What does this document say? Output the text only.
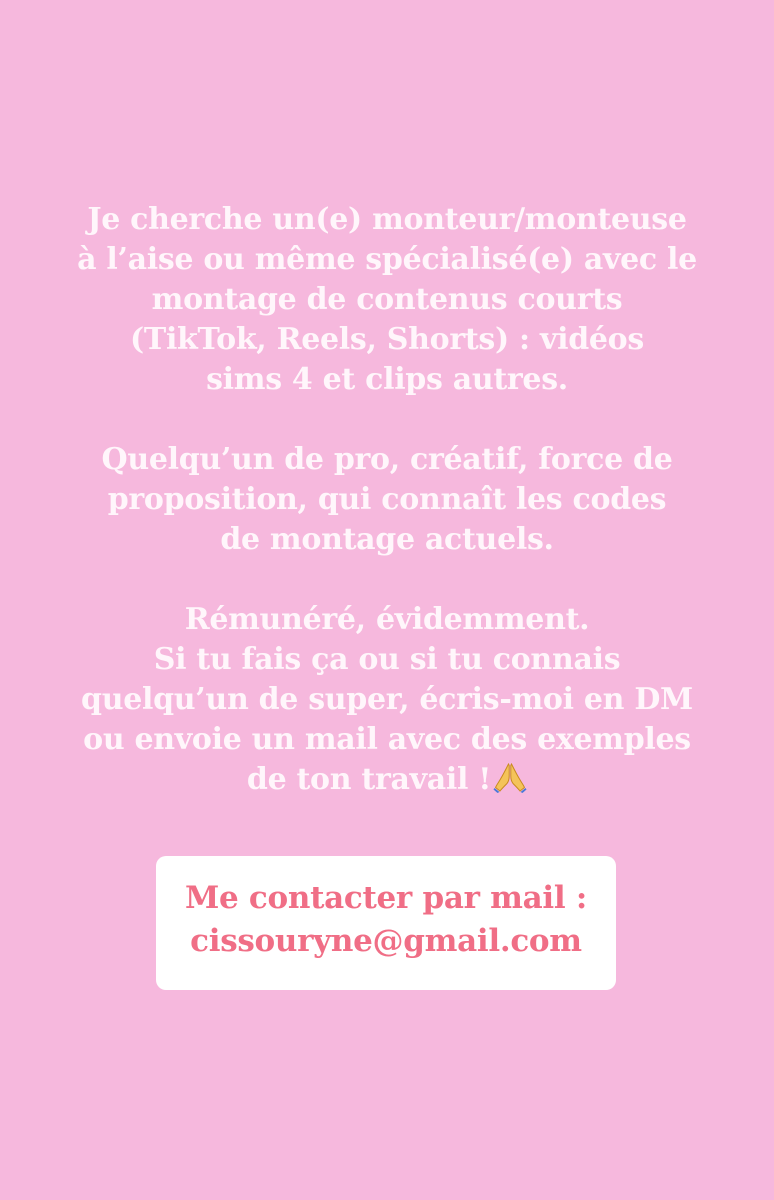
Je cherche un(e) monteur/monteuse
à l’aise ou même spécialisé(e) avec le
montage de contenus courts
(TikTok, Reels, Shorts) : vidéos
sims 4 et clips autres.

Quelqu’un de pro, créatif, force de
proposition, qui connaît les codes
de montage actuels.

Rémunéré, évidemment.
Si tu fais ça ou si tu connais
quelqu’un de super, écris-moi en DM
ou envoie un mail avec des exemples
de ton travail !

Me contacter par mail :
cissouryne@gmail.com
